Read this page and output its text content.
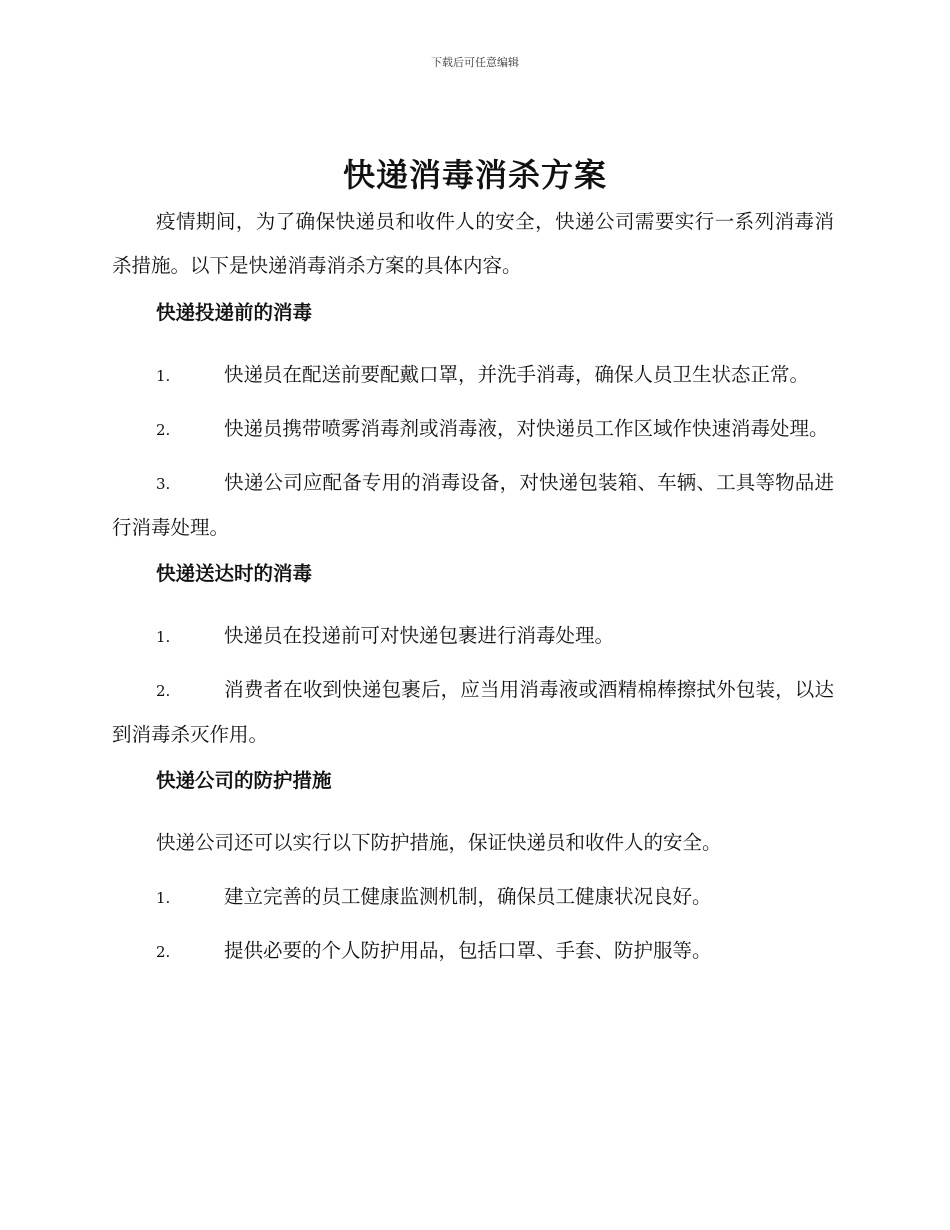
下载后可任意编辑
快递消毒消杀方案

疫情期间，为了确保快递员和收件人的安全，快递公司需要实行一系列消毒消杀措施。以下是快递消毒消杀方案的具体内容。

快递投递前的消毒
1.	快递员在配送前要配戴口罩，并洗手消毒，确保人员卫生状态正常。
2.	快递员携带喷雾消毒剂或消毒液，对快递员工作区域作快速消毒处理。
3.	快递公司应配备专用的消毒设备，对快递包装箱、车辆、工具等物品进行消毒处理。
快递送达时的消毒
1.	快递员在投递前可对快递包裹进行消毒处理。
2.	消费者在收到快递包裹后，应当用消毒液或酒精棉棒擦拭外包装，以达到消毒杀灭作用。
快递公司的防护措施

快递公司还可以实行以下防护措施，保证快递员和收件人的安全。

1.	建立完善的员工健康监测机制，确保员工健康状况良好。
2.	提供必要的个人防护用品，包括口罩、手套、防护服等。
